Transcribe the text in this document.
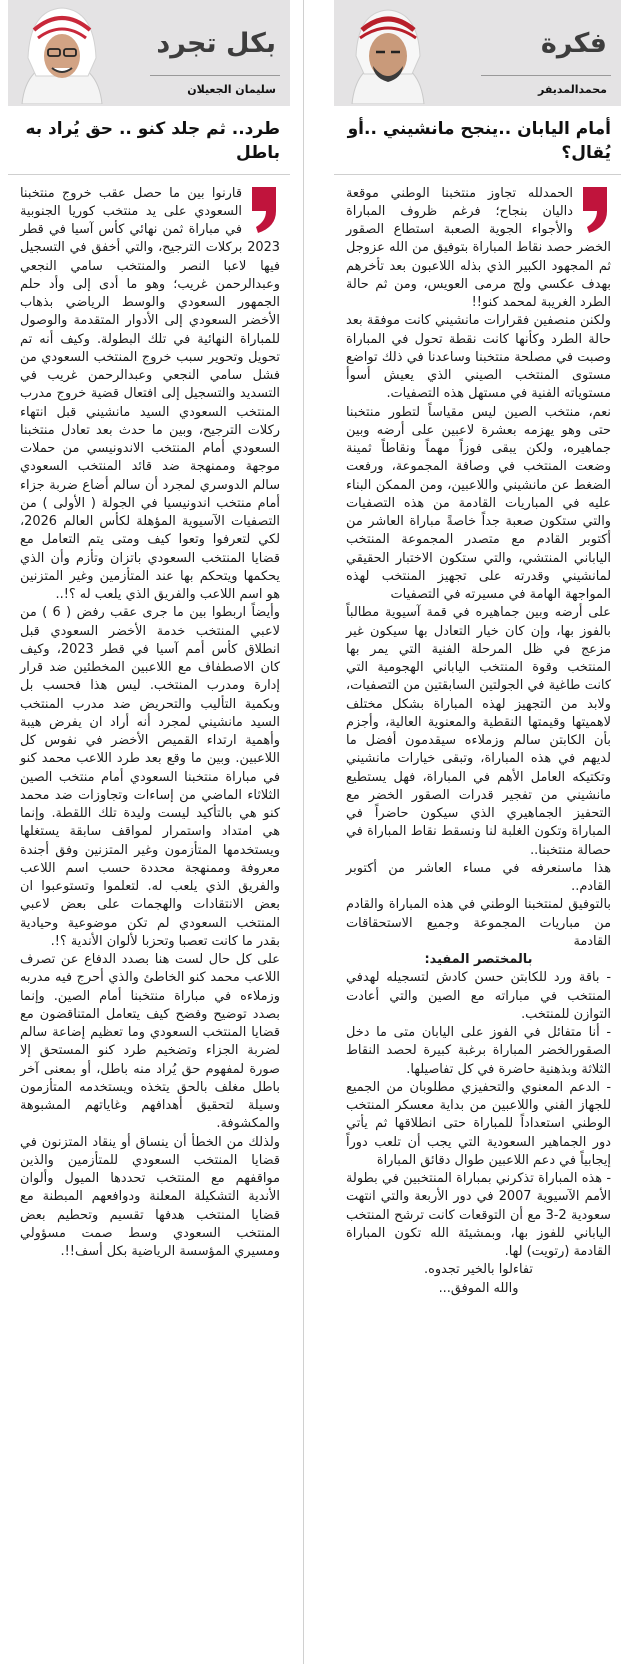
فكرة
محمدالمديفر
أمام اليابان ..ينجح مانشيني ..أو يُقال؟

الحمدلله تجاوز منتخبنا الوطني موقعة داليان بنجاح؛ فرغم ظروف المباراة والأجواء الجوية الصعبة استطاع الصقور الخضر حصد نقاط المباراة بتوفيق من الله عزوجل ثم المجهود الكبير الذي بذله اللاعبون بعد تأخرهم بهدف عكسي ولج مرمى العويس، ومن ثم حالة الطرد الغريبة لمحمد كنو!!

ولكنن منصفين فقرارات مانشيني كانت موفقة بعد حالة الطرد وكأنها كانت نقطة تحول في المباراة وصبت في مصلحة منتخبنا وساعدنا في ذلك تواضع مستوى المنتخب الصيني الذي يعيش أسوأ مستوياته الفنية في مستهل هذه التصفيات.

نعم، منتخب الصين ليس مقياساً لتطور منتخبنا حتى وهو يهزمه بعشرة لاعبين على أرضه وبين جماهيره، ولكن يبقى فوزاً مهماً ونقاطاً ثمينة وضعت المنتخب في وصافة المجموعة، ورفعت الضغط عن مانشيني واللاعبين، ومن الممكن البناء عليه في المباريات القادمة من هذه التصفيات والتي ستكون صعبة جداً خاصةً مباراة العاشر من أكتوبر القادم مع متصدر المجموعة المنتخب الياباني المنتشي، والتي ستكون الاختبار الحقيقي لمانشيني وقدرته على تجهيز المنتخب لهذه المواجهة الهامة في مسيرته في التصفيات

على أرضه وبين جماهيره في قمة آسيوية مطالباً بالفوز بها، وإن كان خيار التعادل بها سيكون غير مزعج في ظل المرحلة الفنية التي يمر بها المنتخب وقوة المنتخب الياباني الهجومية التي كانت طاغية في الجولتين السابقتين من التصفيات، ولابد من التجهيز لهذه المباراة بشكل مختلف لاهميتها وقيمتها النقطية والمعنوية العالية، وأجزم بأن الكابتن سالم وزملاءه سيقدمون أفضل ما لديهم في هذه المباراة، وتبقى خيارات مانشيني وتكتيكه العامل الأهم في المباراة، فهل يستطيع مانشيني من تفجير قدرات الصقور الخضر مع التحفيز الجماهيري الذي سيكون حاضراً في المباراة وتكون الغلبة لنا ونسقط نقاط المباراة في حصالة منتخبنا..

هذا ماسنعرفه في مساء العاشر من أكتوبر القادم..

بالتوفيق لمنتخبنا الوطني في هذه المباراة والقادم من مباريات المجموعة وجميع الاستحقاقات القادمة

بالمختصر المفيد:

- باقة ورد للكابتن حسن كادش لتسجيله لهدفي المنتخب في مباراته مع الصين والتي أعادت التوازن للمنتخب.

- أنا متفائل في الفوز على اليابان متى ما دخل الصقورالخضر المباراة برغبة كبيرة لحصد النقاط الثلاثة وبذهنية حاضرة في كل تفاصيلها.

- الدعم المعنوي والتحفيزي مطلوبان من الجميع للجهاز الفني واللاعبين من بداية معسكر المنتخب الوطني استعداداً للمباراة حتى انطلاقها ثم يأتي دور الجماهير السعودية التي يجب أن تلعب دوراً إيجابياً في دعم اللاعبين طوال دقائق المباراة

- هذه المباراة تذكرني بمباراة المنتخبين في بطولة الأمم الآسيوية 2007 في دور الأربعة والتي انتهت سعودية 2-3 مع أن التوقعات كانت ترشح المنتخب الياباني للفوز بها، وبمشيئة الله تكون المباراة القادمة (رتويت) لها.

تفاءلوا بالخير تجدوه.

والله الموفق...

بكل تجرد
سليمان الجعيلان
طرد.. ثم جلد كنو .. حق يُراد به باطل

قارنوا بين ما حصل عقب خروج منتخبنا السعودي على يد منتخب كوريا الجنوبية في مباراة ثمن نهائي كأس آسيا في قطر 2023 بركلات الترجيح، والتي أخفق في التسجيل فيها لاعبا النصر والمنتخب سامي النجعي وعبدالرحمن غريب؛ وهو ما أدى إلى وأد حلم الجمهور السعودي والوسط الرياضي بذهاب الأخضر السعودي إلى الأدوار المتقدمة والوصول للمباراة النهائية في تلك البطولة. وكيف أنه تم تحويل وتحوير سبب خروج المنتخب السعودي من فشل سامي النجعي وعبدالرحمن غريب في التسديد والتسجيل إلى افتعال قضية خروج مدرب المنتخب السعودي السيد مانشيني قبل انتهاء ركلات الترجيح، وبين ما حدث بعد تعادل منتخبنا السعودي أمام المنتخب الاندونيسي من حملات موجهة وممنهجة ضد قائد المنتخب السعودي سالم الدوسري لمجرد أن سالم أضاع ضربة جزاء أمام منتخب اندونيسيا في الجولة ( الأولى ) من التصفيات الآسيوية المؤهلة لكأس العالم 2026، لكي لتعرفوا وتعوا كيف ومتى يتم التعامل مع قضايا المنتخب السعودي باتزان وتأزم وأن الذي يحكمها ويتحكم بها عند المتأزمين وغير المتزنين هو اسم اللاعب والفريق الذي يلعب له ؟!..

وأيضاً اربطوا بين ما جرى عقب رفض ( 6 ) من لاعبي المنتخب خدمة الأخضر السعودي قبل انطلاق كأس أمم آسيا في قطر 2023، وكيف كان الاصطفاف مع اللاعبين المخطئين ضد قرار إدارة ومدرب المنتخب. ليس هذا فحسب بل وبكمية التأليب والتحريض ضد مدرب المنتخب السيد مانشيني لمجرد أنه أراد ان يفرض هيبة وأهمية ارتداء القميص الأخضر في نفوس كل اللاعبين. وبين ما وقع بعد طرد اللاعب محمد كنو في مباراة منتخبنا السعودي أمام منتخب الصين الثلاثاء الماضي من إساءات وتجاوزات ضد محمد كنو هي بالتأكيد ليست وليدة تلك اللقطة. وإنما هي امتداد واستمرار لمواقف سابقة يستغلها ويستخدمها المتأزمون وغير المتزنين وفق أجندة معروفة وممنهجة محددة حسب اسم اللاعب والفريق الذي يلعب له. لتعلموا وتستوعبوا ان بعض الانتقادات والهجمات على بعض لاعبي المنتخب السعودي لم تكن موضوعية وحيادية بقدر ما كانت تعصبا وتحزبا لألوان الأندية ؟!.

على كل حال لست هنا بصدد الدفاع عن تصرف اللاعب محمد كنو الخاطئ والذي أحرج فيه مدربه وزملاءه في مباراة منتخبنا أمام الصين. وإنما بصدد توضيح وفضح كيف يتعامل المتناقضون مع قضايا المنتخب السعودي وما تعظيم إضاعة سالم لضربة الجزاء وتضخيم طرد كنو المستحق إلا صورة لمفهوم حق يُراد منه باطل، أو بمعنى آخر باطل مغلف بالحق يتخذه ويستخدمه المتأزمون وسيلة لتحقيق أهدافهم وغاياتهم المشبوهة والمكشوفة.

ولذلك من الخطأ أن ينساق أو ينقاد المتزنون في قضايا المنتخب السعودي للمتأزمين والذين مواقفهم مع المنتخب تحددها الميول وألوان الأندية التشكيلة المعلنة ودوافعهم المبطنة مع قضايا المنتخب هدفها تقسيم وتحطيم بعض المنتخب السعودي وسط صمت مسؤولي ومسيري المؤسسة الرياضية بكل أسف!!.
